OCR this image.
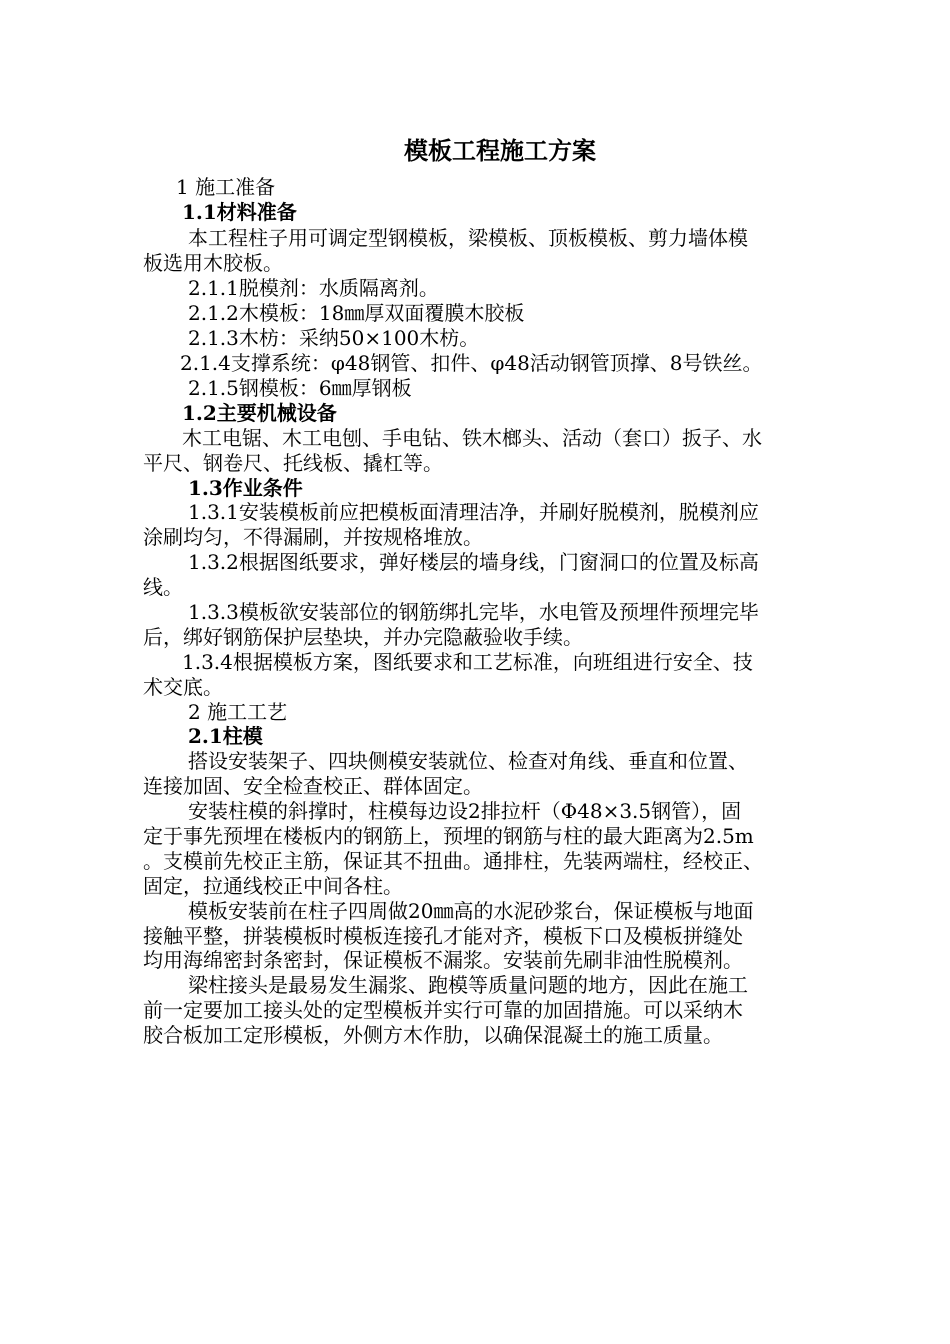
模板工程施工方案
1 施工准备
1.1材料准备
本工程柱子用可调定型钢模板，梁模板、顶板模板、剪力墙体模
板选用木胶板。
2.1.1脱模剂：水质隔离剂。
2.1.2木模板：18㎜厚双面覆膜木胶板
2.1.3木枋：采纳50×100木枋。
2.1.4支撑系统：φ48钢管、扣件、φ48活动钢管顶撑、8号铁丝。
2.1.5钢模板：6㎜厚钢板
1.2主要机械设备
木工电锯、木工电刨、手电钻、铁木榔头、活动（套口）扳子、水
平尺、钢卷尺、托线板、撬杠等。
1.3作业条件
1.3.1安装模板前应把模板面清理洁净，并刷好脱模剂，脱模剂应
涂刷均匀，不得漏刷，并按规格堆放。
1.3.2根据图纸要求，弹好楼层的墙身线，门窗洞口的位置及标高
线。
1.3.3模板欲安装部位的钢筋绑扎完毕，水电管及预埋件预埋完毕
后，绑好钢筋保护层垫块，并办完隐蔽验收手续。
1.3.4根据模板方案，图纸要求和工艺标准，向班组进行安全、技
术交底。
2 施工工艺
2.1柱模
搭设安装架子、四块侧模安装就位、检查对角线、垂直和位置、
连接加固、安全检查校正、群体固定。
安装柱模的斜撑时，柱模每边设2排拉杆（Φ48×3.5钢管），固
定于事先预埋在楼板内的钢筋上，预埋的钢筋与柱的最大距离为2.5m
。支模前先校正主筋，保证其不扭曲。通排柱，先装两端柱，经校正、
固定，拉通线校正中间各柱。
模板安装前在柱子四周做20㎜高的水泥砂浆台，保证模板与地面
接触平整，拼装模板时模板连接孔才能对齐，模板下口及模板拼缝处
均用海绵密封条密封，保证模板不漏浆。安装前先刷非油性脱模剂。
梁柱接头是最易发生漏浆、跑模等质量问题的地方，因此在施工
前一定要加工接头处的定型模板并实行可靠的加固措施。可以采纳木
胶合板加工定形模板，外侧方木作肋，以确保混凝土的施工质量。
